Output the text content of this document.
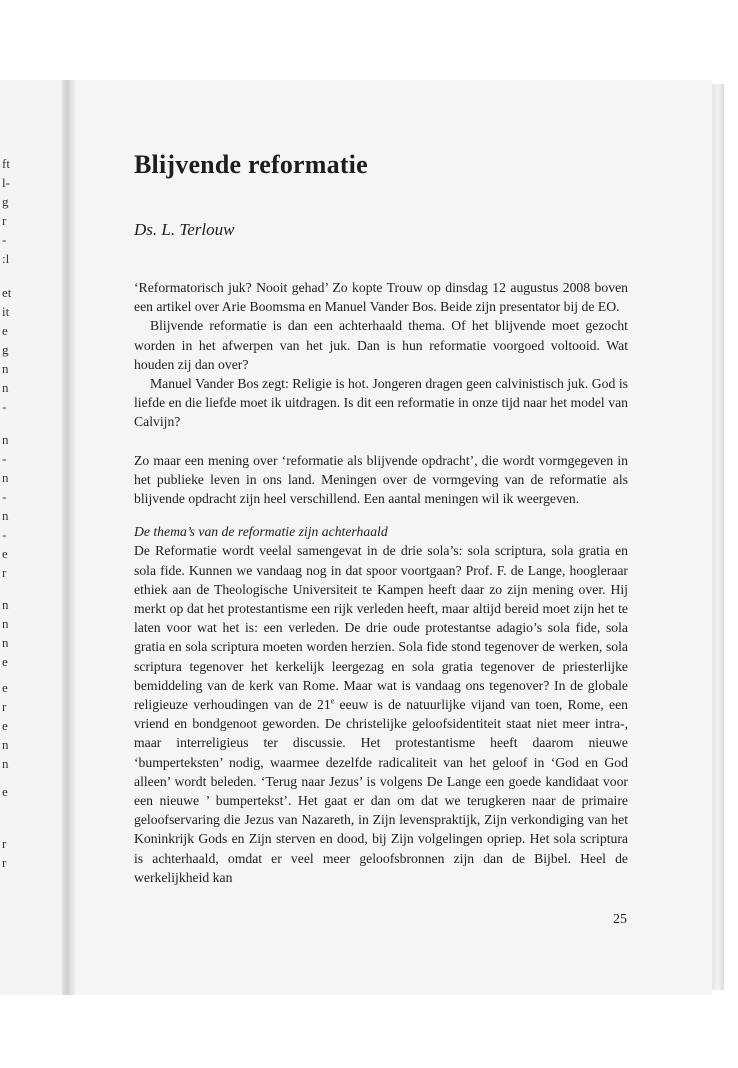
ft
l-
g
r
-
:l
et
it
e
g
n
n
-
n
-
n
-
n
-
e
r
n
n
n
e
e
r
e
n
n
e
r
r
Blijvende reformatie
Ds. L. Terlouw

‘Reformatorisch juk? Nooit gehad’ Zo kopte Trouw op dinsdag 12 augustus 2008 boven een artikel over Arie Boomsma en Manuel Vander Bos. Beide zijn presentator bij de EO.

Blijvende reformatie is dan een achterhaald thema. Of het blijvende moet gezocht worden in het afwerpen van het juk. Dan is hun reformatie voorgoed voltooid. Wat houden zij dan over?

Manuel Vander Bos zegt: Religie is hot. Jongeren dragen geen calvinistisch juk. God is liefde en die liefde moet ik uitdragen. Is dit een reformatie in onze tijd naar het model van Calvijn?

Zo maar een mening over ‘reformatie als blijvende opdracht’, die wordt vormgegeven in het publieke leven in ons land. Meningen over de vormgeving van de reformatie als blijvende opdracht zijn heel verschillend. Een aantal meningen wil ik weergeven.

De thema’s van de reformatie zijn achterhaald

De Reformatie wordt veelal samengevat in de drie sola’s: sola scriptura, sola gratia en sola fide. Kunnen we vandaag nog in dat spoor voortgaan? Prof. F. de Lange, hoogleraar ethiek aan de Theologische Universiteit te Kampen heeft daar zo zijn mening over. Hij merkt op dat het protestantisme een rijk verleden heeft, maar altijd bereid moet zijn het te laten voor wat het is: een verleden. De drie oude protestantse adagio’s sola fide, sola gratia en sola scriptura moeten worden herzien. Sola fide stond tegenover de werken, sola scriptura tegenover het kerkelijk leergezag en sola gratia tegenover de priesterlijke bemiddeling van de kerk van Rome. Maar wat is vandaag ons tegenover? In de globale religieuze verhoudingen van de 21e eeuw is de natuurlijke vijand van toen, Rome, een vriend en bondgenoot geworden. De christelijke geloofsidentiteit staat niet meer intra-, maar interreligieus ter discussie. Het protestantisme heeft daarom nieuwe ‘bumperteksten’ nodig, waarmee dezelfde radicaliteit van het geloof in ‘God en God alleen’ wordt beleden. ‘Terug naar Jezus’ is volgens De Lange een goede kandidaat voor een nieuwe ’ bumpertekst’. Het gaat er dan om dat we terugkeren naar de primaire geloofservaring die Jezus van Nazareth, in Zijn levenspraktijk, Zijn verkondiging van het Koninkrijk Gods en Zijn sterven en dood, bij Zijn volgelingen opriep. Het sola scriptura is achterhaald, omdat er veel meer geloofsbronnen zijn dan de Bijbel. Heel de werkelijkheid kan

25
